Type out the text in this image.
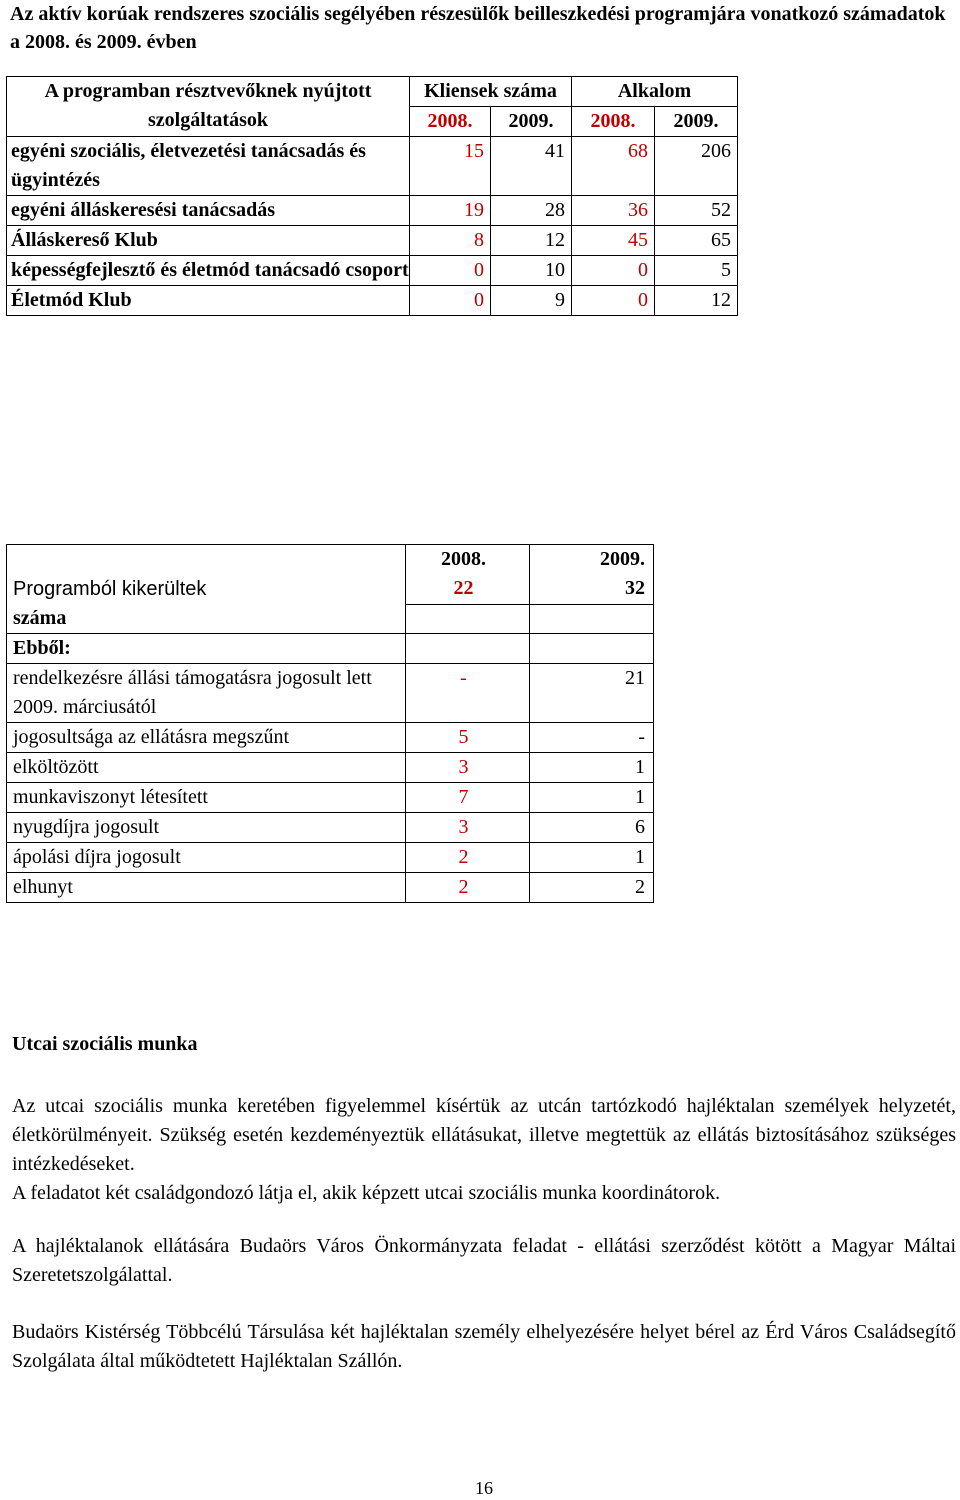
Az aktív korúak rendszeres szociális segélyében részesülők beilleszkedési programjára vonatkozó számadatok a 2008. és 2009. évben
A programban résztvevőknek nyújtott szolgáltatások	Kliensek száma		Alkalom	
	2008.	2009.	2008.	2009.
egyéni szociális, életvezetési tanácsadás és ügyintézés	15	41	68	206
egyéni álláskeresési tanácsadás	19	28	36	52
Álláskereső Klub	8	12	45	65
képességfejlesztő és életmód tanácsadó csoport	0	10	0	5
Életmód Klub	0	9	0	12
Programból kikerültek	2008.	2009.
	22	32
száma		
Ebből:		
rendelkezésre állási támogatásra jogosult lett 2009. márciusától	-	21
jogosultsága az ellátásra megszűnt	5	-
elköltözött	3	1
munkaviszonyt létesített	7	1
nyugdíjra jogosult	3	6
ápolási díjra jogosult	2	1
elhunyt	2	2
Utcai szociális munka
Az utcai szociális munka keretében figyelemmel kísértük az utcán tartózkodó hajléktalan személyek helyzetét, életkörülményeit. Szükség esetén kezdeményeztük ellátásukat, illetve megtettük az ellátás biztosításához szükséges intézkedéseket.
A feladatot két családgondozó látja el, akik képzett utcai szociális munka koordinátorok.
A hajléktalanok ellátására Budaörs Város Önkormányzata feladat - ellátási szerződést kötött a Magyar Máltai Szeretetszolgálattal.
Budaörs Kistérség Többcélú Társulása két hajléktalan személy elhelyezésére helyet bérel az Érd Város Családsegítő Szolgálata által működtetett Hajléktalan Szállón.
16
